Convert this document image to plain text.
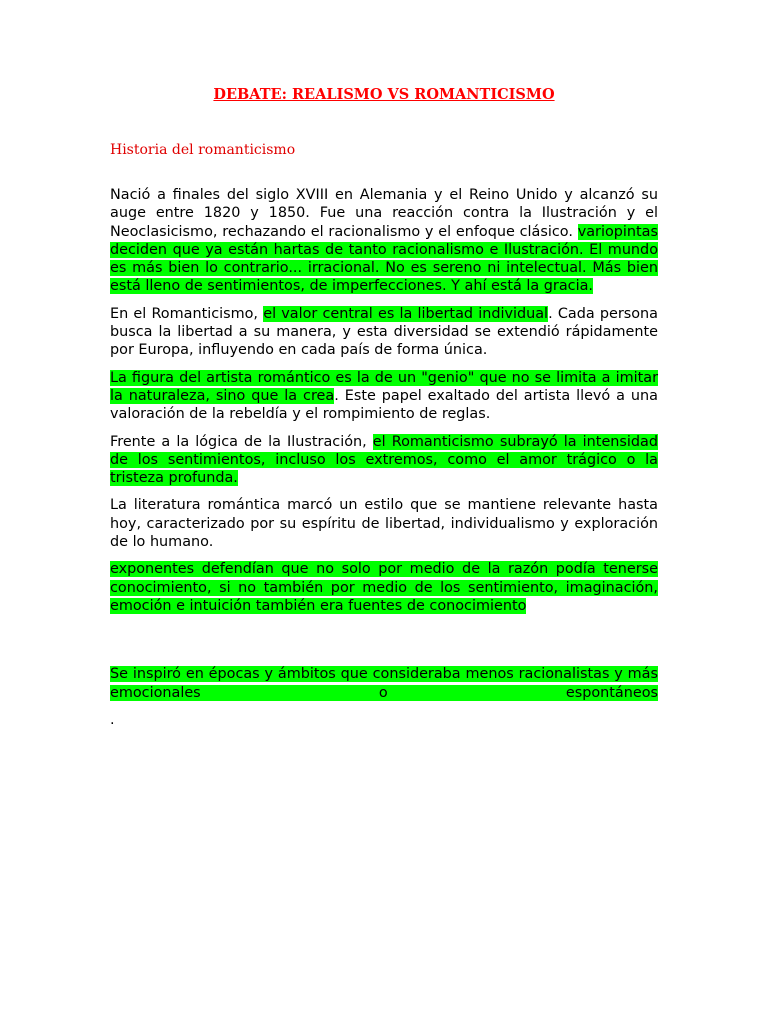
DEBATE: REALISMO VS ROMANTICISMO
Historia del romanticismo

Nació a finales del siglo XVIII en Alemania y el Reino Unido y alcanzó su auge entre 1820 y 1850. Fue una reacción contra la Ilustración y el Neoclasicismo, rechazando el racionalismo y el enfoque clásico. variopintas deciden que ya están hartas de tanto racionalismo e Ilustración. El mundo es más bien lo contrario... irracional. No es sereno ni intelectual. Más bien está lleno de sentimientos, de imperfecciones. Y ahí está la gracia.

En el Romanticismo, el valor central es la libertad individual. Cada persona busca la libertad a su manera, y esta diversidad se extendió rápidamente por Europa, influyendo en cada país de forma única.

La figura del artista romántico es la de un "genio" que no se limita a imitar la naturaleza, sino que la crea. Este papel exaltado del artista llevó a una valoración de la rebeldía y el rompimiento de reglas.

Frente a la lógica de la Ilustración, el Romanticismo subrayó la intensidad de los sentimientos, incluso los extremos, como el amor trágico o la tristeza profunda.

La literatura romántica marcó un estilo que se mantiene relevante hasta hoy, caracterizado por su espíritu de libertad, individualismo y exploración de lo humano.

exponentes defendían que no solo por medio de la razón podía tenerse conocimiento, si no también por medio de los sentimiento, imaginación, emoción e intuición también era fuentes de conocimiento

Se inspiró en épocas y ámbitos que consideraba menos racionalistas y más emocionales o espontáneos

.
